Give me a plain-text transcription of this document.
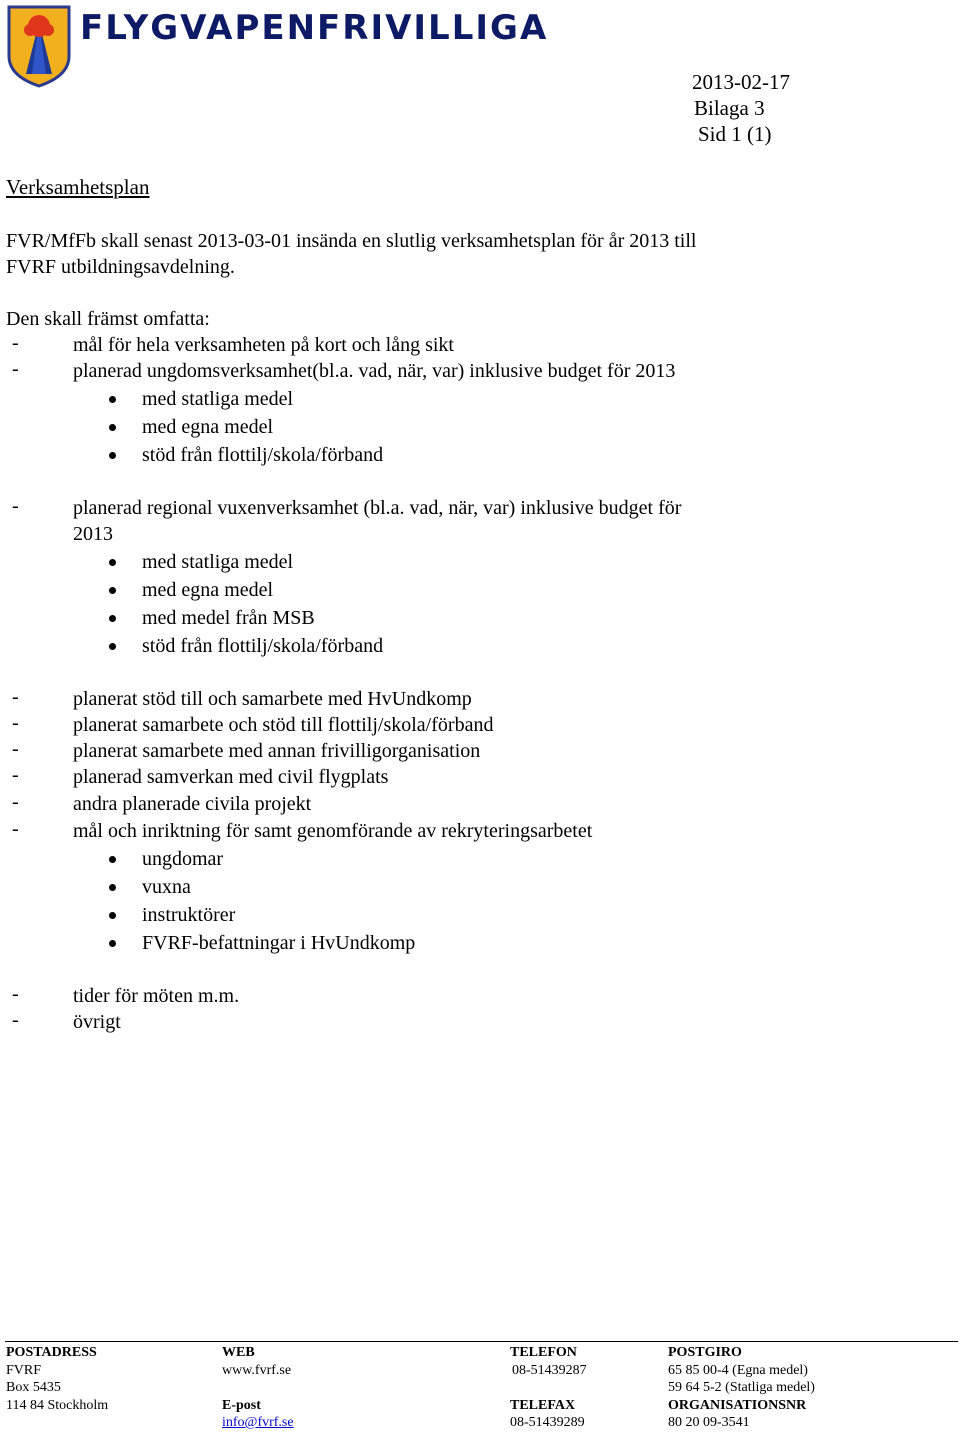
FLYGVAPENFRIVILLIGA
2013-02-17
Bilaga 3
Sid 1 (1)
Verksamhetsplan
FVR/MfFb skall senast 2013-03-01 insända en slutlig verksamhetsplan för år 2013 till
FVRF utbildningsavdelning.
Den skall främst omfatta:
-	mål för hela verksamheten på kort och lång sikt
-	planerad ungdomsverksamhet(bl.a. vad, när, var) inklusive budget för 2013
med statliga medel
med egna medel
stöd från flottilj/skola/förband
-	planerad regional vuxenverksamhet (bl.a. vad, när, var) inklusive budget för
2013
med statliga medel
med egna medel
med medel från MSB
stöd från flottilj/skola/förband
-	planerat stöd till och samarbete med HvUndkomp
-	planerat samarbete och stöd till flottilj/skola/förband
-	planerat samarbete med annan frivilligorganisation
-	planerad samverkan med civil flygplats
-	andra planerade civila projekt
-	mål och inriktning för samt genomförande av rekryteringsarbetet
ungdomar
vuxna
instruktörer
FVRF-befattningar i HvUndkomp
-	tider för möten m.m.
-	övrigt
POSTADRESS
FVRF
Box 5435
114 84 Stockholm
WEB
www.fvrf.se
E-post
info@fvrf.se
TELEFON
08-51439287
TELEFAX
08-51439289
POSTGIRO
65 85 00-4 (Egna medel)
59 64 5-2 (Statliga medel)
ORGANISATIONSNR
80 20 09-3541
